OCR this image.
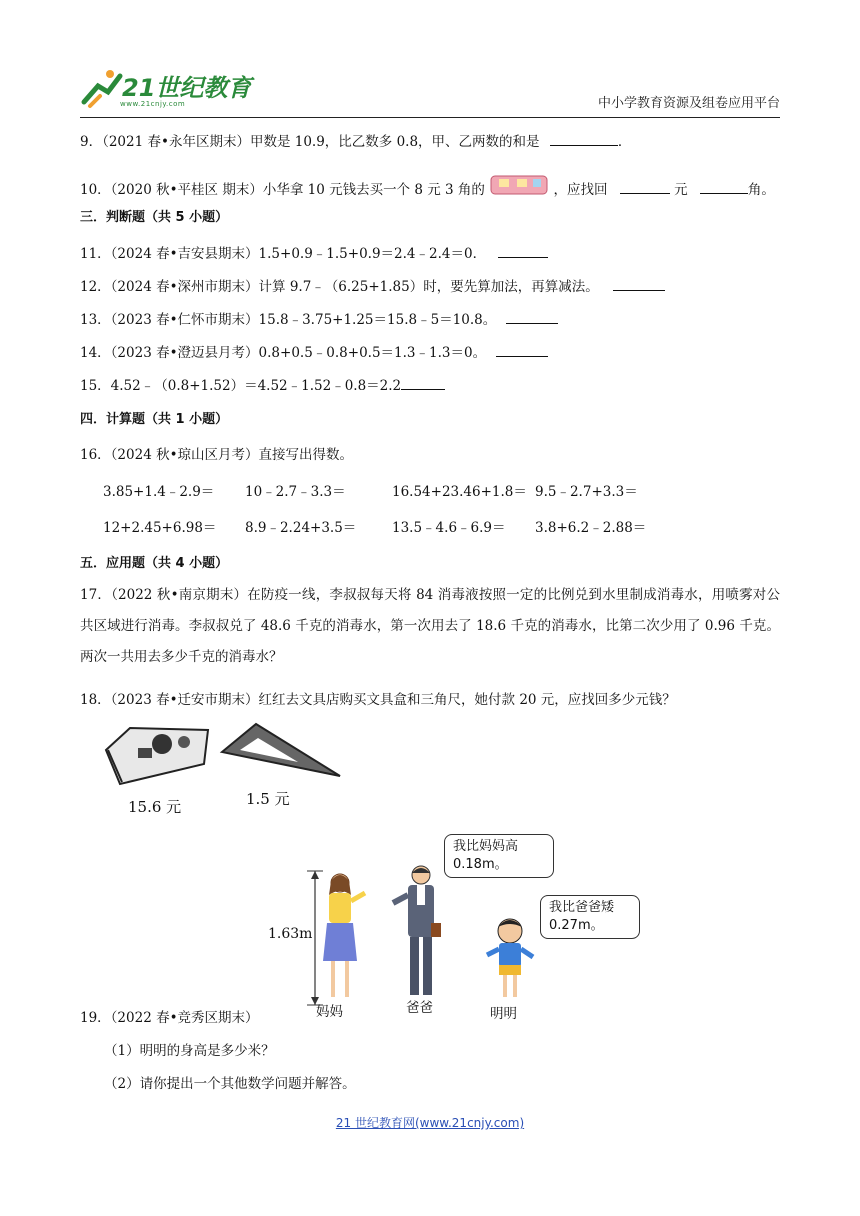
21世纪教育
www.21cnjy.com	中小学教育资源及组卷应用平台
9．（2021 春•永年区期末）甲数是 10.9，比乙数多 0.8，甲、乙两数的和是	．
10．（2020 秋•平桂区 期末）小华拿 10 元钱去买一个 8 元 3 角的	，应找回	元	角。
三．判断题（共 5 小题）
11．（2024 春•吉安县期末）1.5+0.9﹣1.5+0.9＝2.4﹣2.4＝0．
12．（2024 春•深州市期末）计算 9.7﹣（6.25+1.85）时，要先算加法，再算减法。
13．（2023 春•仁怀市期末）15.8﹣3.75+1.25＝15.8﹣5＝10.8。
14．（2023 春•澄迈县月考）0.8+0.5﹣0.8+0.5＝1.3﹣1.3＝0。
15．4.52﹣（0.8+1.52）＝4.52﹣1.52﹣0.8＝2.2
四．计算题（共 1 小题）
16．（2024 秋•琼山区月考）直接写出得数。
3.85+1.4﹣2.9＝ 10﹣2.7﹣3.3＝	16.54+23.46+1.8＝ 9.5﹣2.7+3.3＝
12+2.45+6.98＝ 8.9﹣2.24+3.5＝	13.5﹣4.6﹣6.9＝ 3.8+6.2﹣2.88＝
五．应用题（共 4 小题）
17．（2022 秋•南京期末）在防疫一线，李叔叔每天将 84 消毒液按照一定的比例兑到水里制成消毒水，用喷雾对公共区域进行消毒。李叔叔兑了 48.6 千克的消毒水，第一次用去了 18.6 千克的消毒水，比第二次少用了 0.96 千克。两次一共用去多少千克的消毒水？
18．（2023 春•迁安市期末）红红去文具店购买文具盒和三角尺，她付款 20 元，应找回多少元钱？
15.6 元	1.5 元
1.63m
我比妈妈高
0.18m。
我比爸爸矮
0.27m。
妈妈	爸爸	明明
19．（2022 春•竞秀区期末）
（1）明明的身高是多少米？
（2）请你提出一个其他数学问题并解答。
21 世纪教育网(www.21cnjy.com)
